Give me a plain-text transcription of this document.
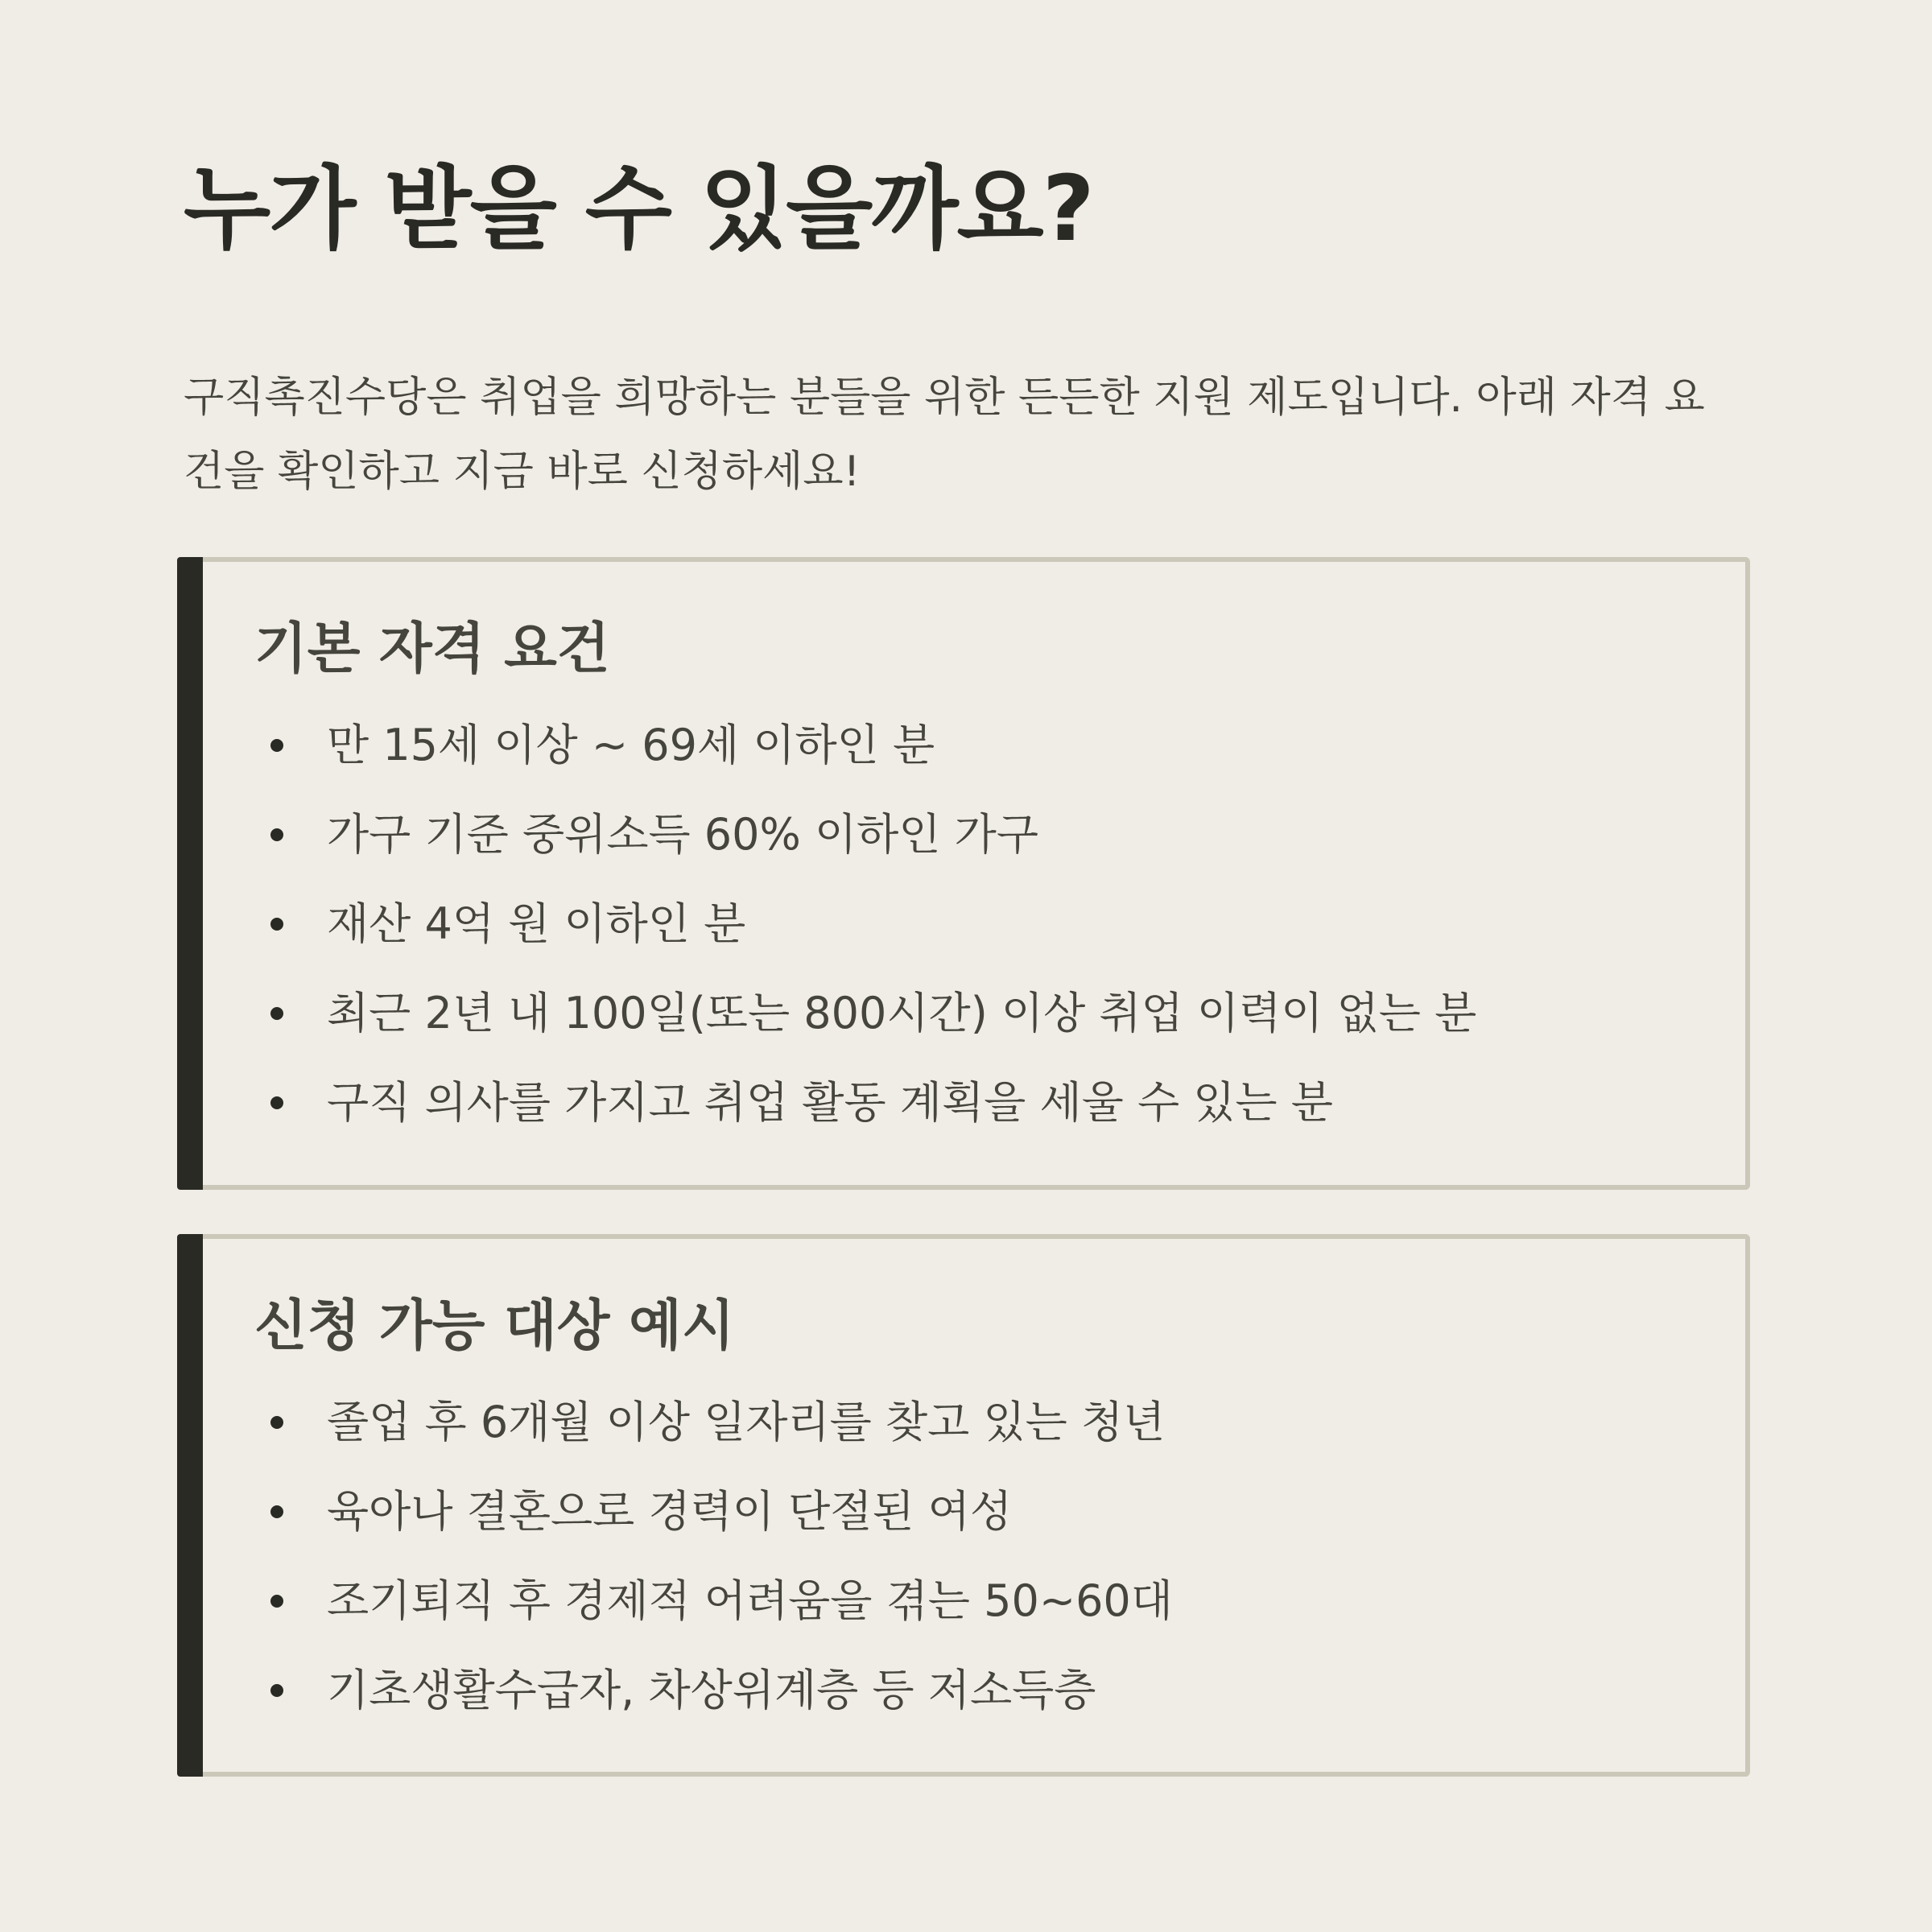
누가 받을 수 있을까요?

구직촉진수당은 취업을 희망하는 분들을 위한 든든한 지원 제도입니다. 아래 자격 요건을 확인하고 지금 바로 신청하세요!

기본 자격 요건
만 15세 이상 ~ 69세 이하인 분
가구 기준 중위소득 60% 이하인 가구
재산 4억 원 이하인 분
최근 2년 내 100일(또는 800시간) 이상 취업 이력이 없는 분
구직 의사를 가지고 취업 활동 계획을 세울 수 있는 분
신청 가능 대상 예시
졸업 후 6개월 이상 일자리를 찾고 있는 청년
육아나 결혼으로 경력이 단절된 여성
조기퇴직 후 경제적 어려움을 겪는 50~60대
기초생활수급자, 차상위계층 등 저소득층
